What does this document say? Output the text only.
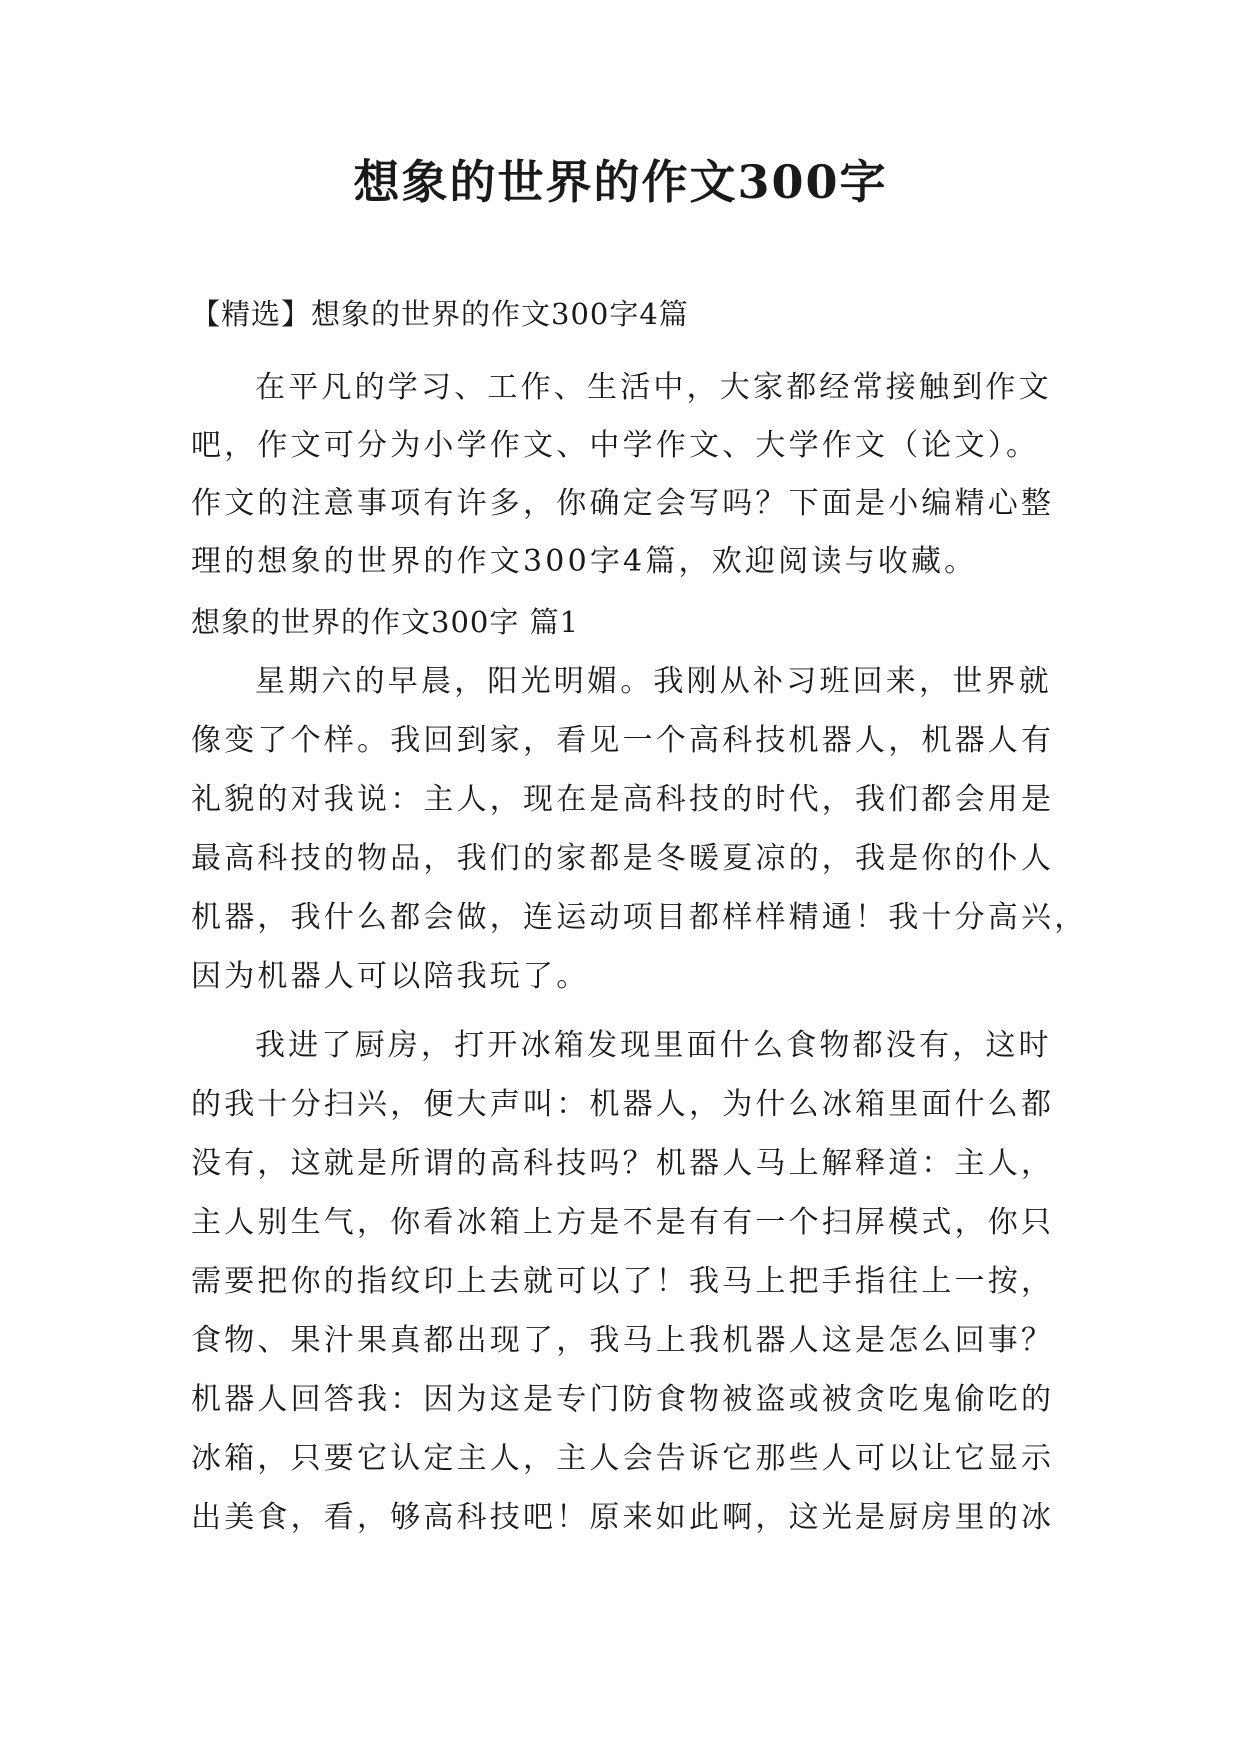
想象的世界的作文300字
【精选】想象的世界的作文300字4篇
在平凡的学习、工作、生活中，大家都经常接触到作文
吧，作文可分为小学作文、中学作文、大学作文（论文）。
作文的注意事项有许多，你确定会写吗？下面是小编精心整
理的想象的世界的作文300字4篇，欢迎阅读与收藏。
想象的世界的作文300字 篇1
星期六的早晨，阳光明媚。我刚从补习班回来，世界就
像变了个样。我回到家，看见一个高科技机器人，机器人有
礼貌的对我说：主人，现在是高科技的时代，我们都会用是
最高科技的物品，我们的家都是冬暖夏凉的，我是你的仆人
机器，我什么都会做，连运动项目都样样精通！我十分高兴，
因为机器人可以陪我玩了。
我进了厨房，打开冰箱发现里面什么食物都没有，这时
的我十分扫兴，便大声叫：机器人，为什么冰箱里面什么都
没有，这就是所谓的高科技吗？机器人马上解释道：主人，
主人别生气，你看冰箱上方是不是有有一个扫屏模式，你只
需要把你的指纹印上去就可以了！我马上把手指往上一按，
食物、果汁果真都出现了，我马上我机器人这是怎么回事？
机器人回答我：因为这是专门防食物被盗或被贪吃鬼偷吃的
冰箱，只要它认定主人，主人会告诉它那些人可以让它显示
出美食，看，够高科技吧！原来如此啊，这光是厨房里的冰
